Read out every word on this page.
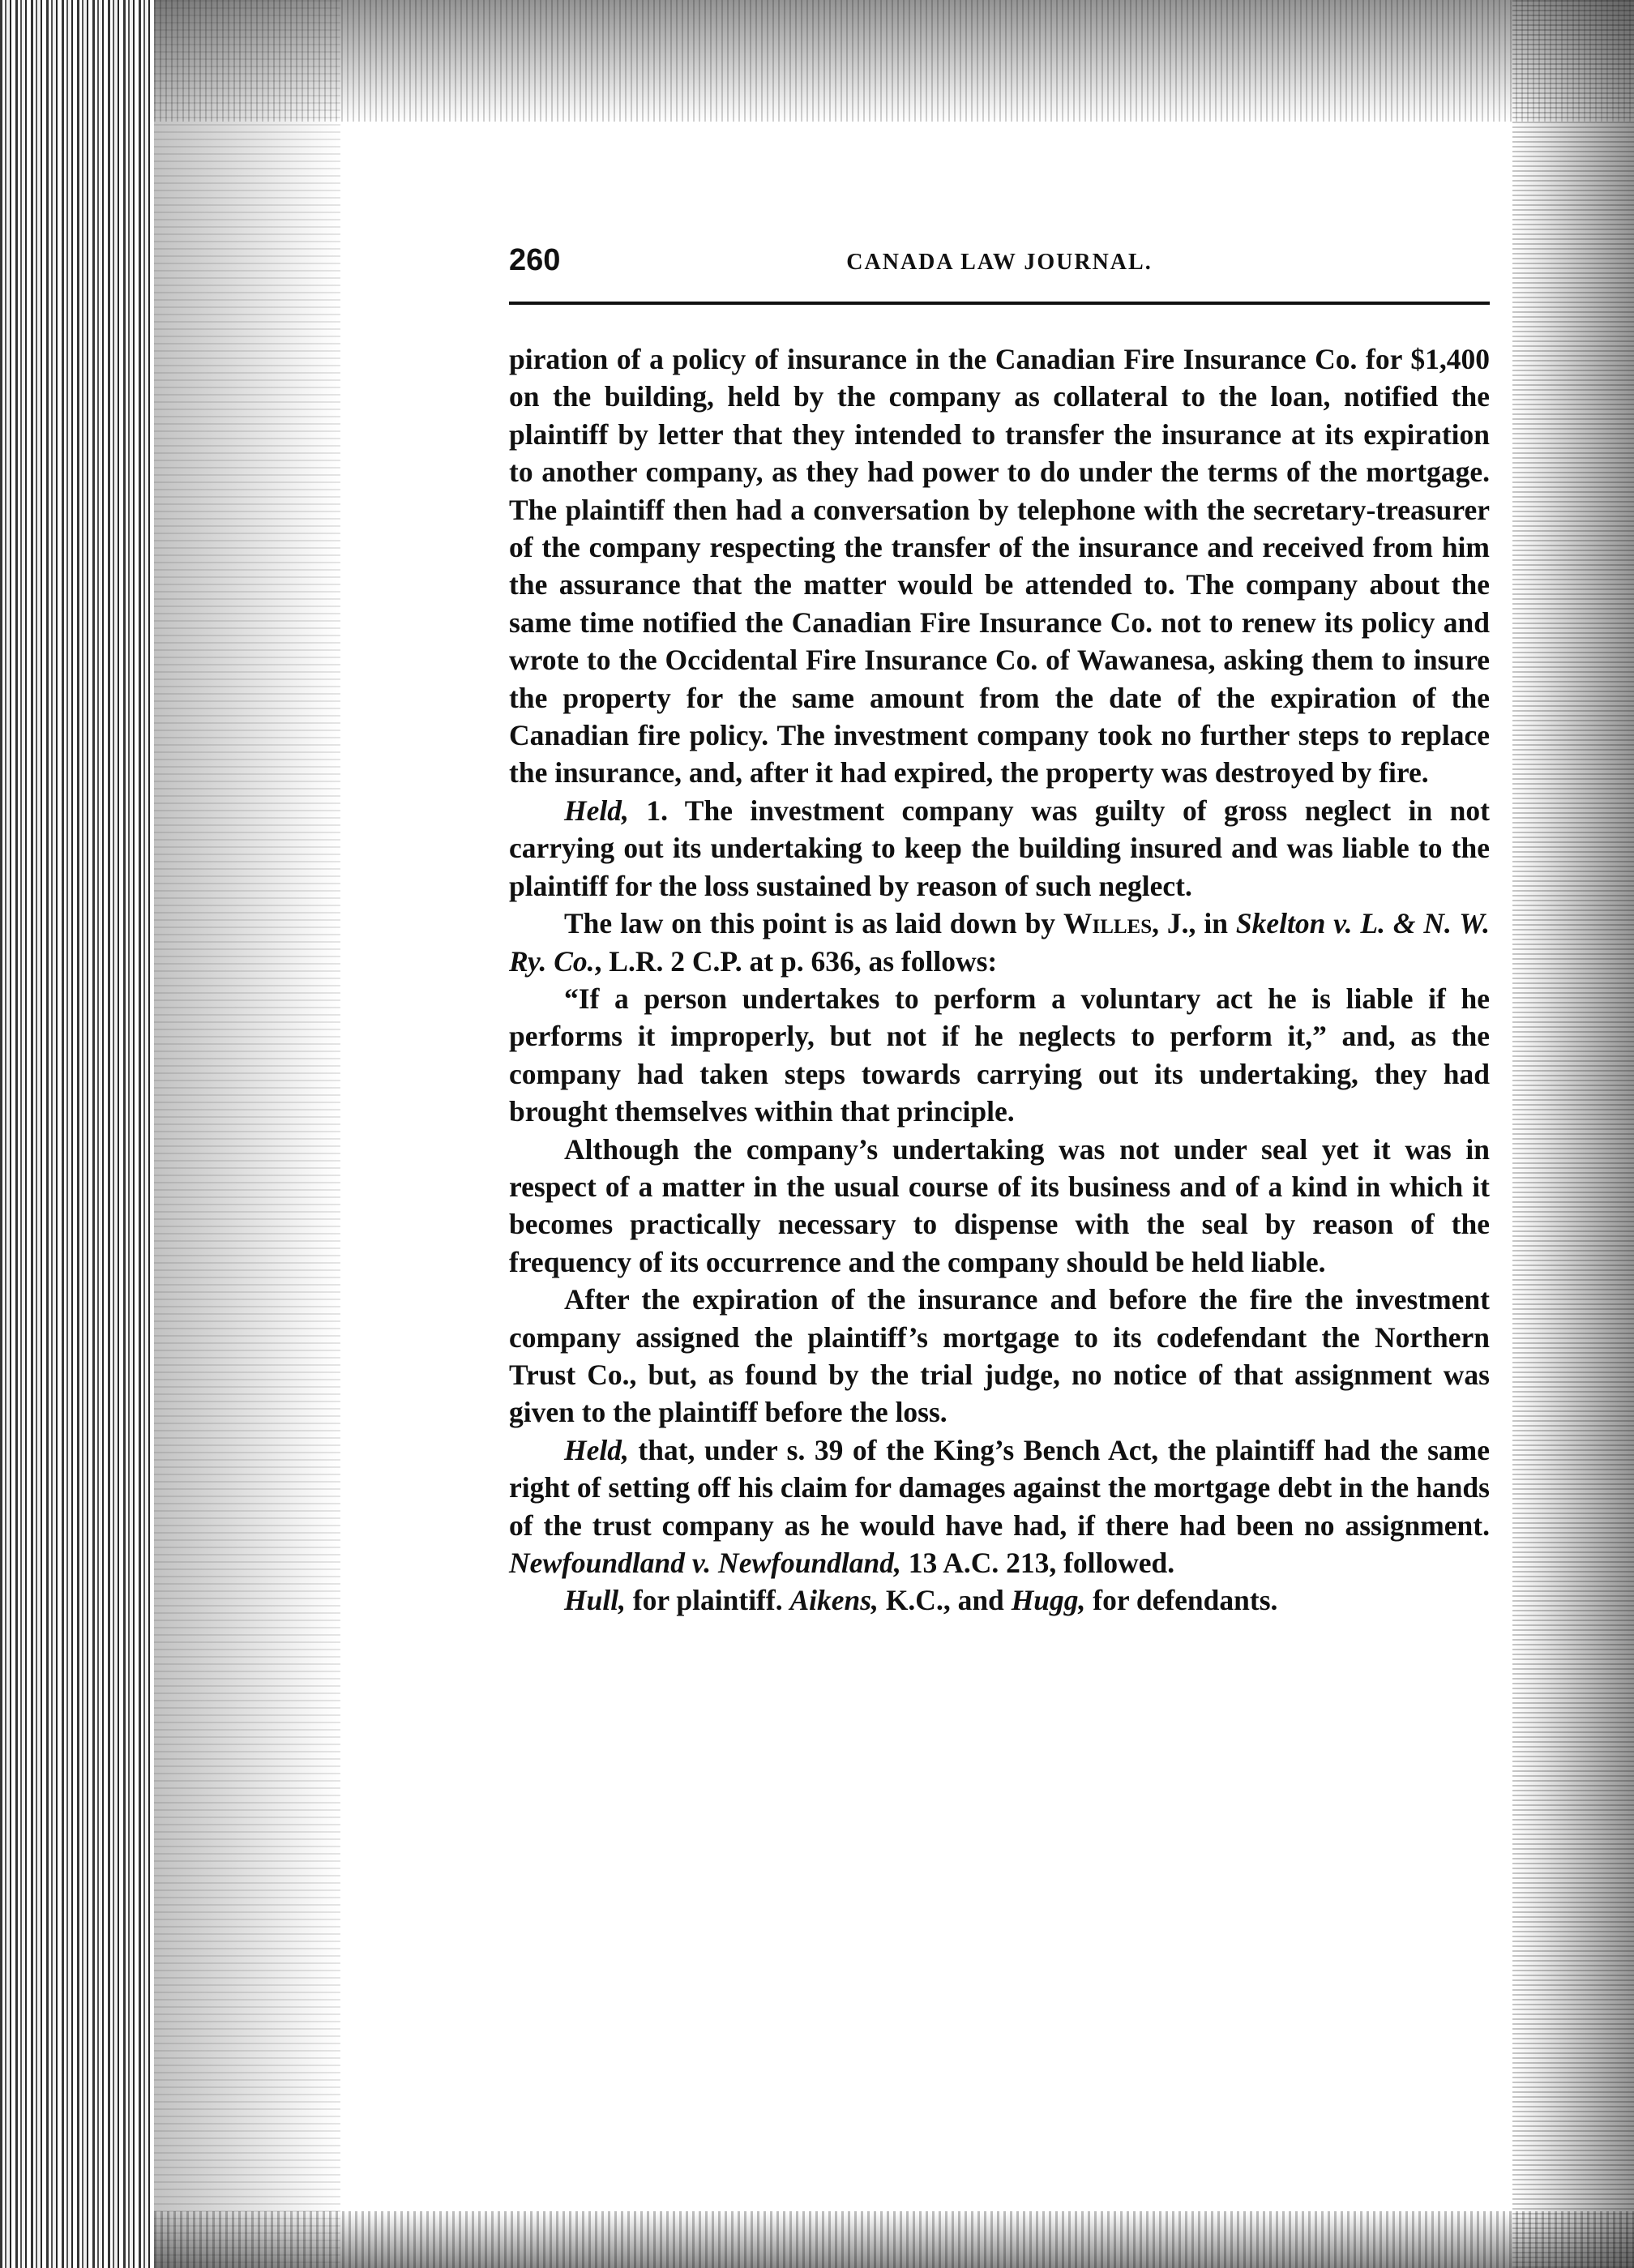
260	CANADA LAW JOURNAL.

piration of a policy of insurance in the Canadian Fire Insurance Co. for $1,400 on the building, held by the company as collateral to the loan, notified the plaintiff by letter that they intended to transfer the insurance at its expiration to another company, as they had power to do under the terms of the mortgage. The plaintiff then had a conversation by telephone with the secretary-treasurer of the company respecting the transfer of the insurance and received from him the assurance that the matter would be attended to. The company about the same time notified the Canadian Fire Insurance Co. not to renew its policy and wrote to the Occidental Fire Insurance Co. of Wawanesa, asking them to insure the property for the same amount from the date of the expiration of the Canadian fire policy. The investment company took no further steps to replace the insurance, and, after it had expired, the property was destroyed by fire.

Held, 1. The investment company was guilty of gross neglect in not carrying out its undertaking to keep the building insured and was liable to the plaintiff for the loss sustained by reason of such neglect.

The law on this point is as laid down by Willes, J., in Skelton v. L. & N. W. Ry. Co., L.R. 2 C.P. at p. 636, as follows:

“If a person undertakes to perform a voluntary act he is liable if he performs it improperly, but not if he neglects to perform it,” and, as the company had taken steps towards carrying out its undertaking, they had brought themselves within that principle.

Although the company’s undertaking was not under seal yet it was in respect of a matter in the usual course of its business and of a kind in which it becomes practically necessary to dispense with the seal by reason of the frequency of its occurrence and the company should be held liable.

After the expiration of the insurance and before the fire the investment company assigned the plaintiff’s mortgage to its codefendant the Northern Trust Co., but, as found by the trial judge, no notice of that assignment was given to the plaintiff before the loss.

Held, that, under s. 39 of the King’s Bench Act, the plaintiff had the same right of setting off his claim for damages against the mortgage debt in the hands of the trust company as he would have had, if there had been no assignment. Newfoundland v. Newfoundland, 13 A.C. 213, followed.

Hull, for plaintiff. Aikens, K.C., and Hugg, for defendants.
